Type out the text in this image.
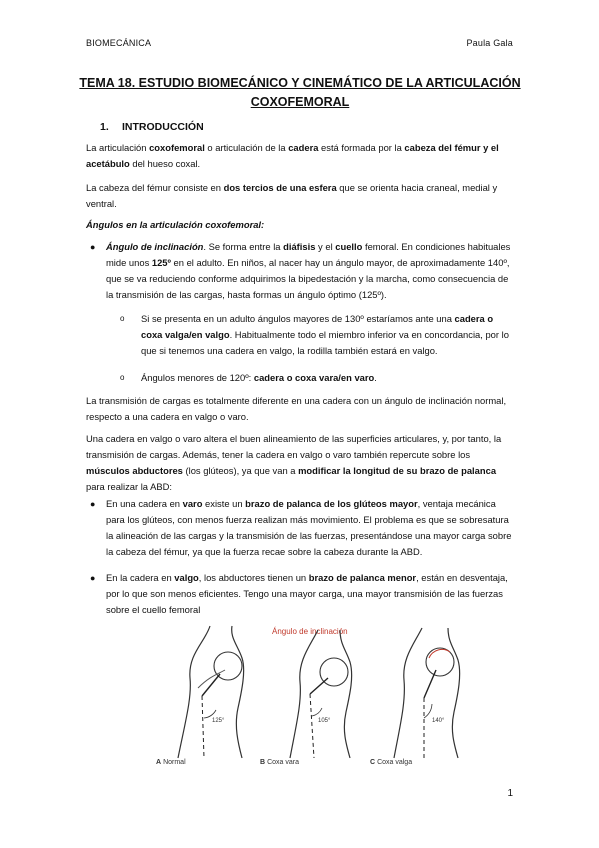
BIOMECÁNICA	Paula Gala
TEMA 18. ESTUDIO BIOMECÁNICO Y CINEMÁTICO DE LA ARTICULACIÓN COXOFEMORAL
1. INTRODUCCIÓN
La articulación coxofemoral o articulación de la cadera está formada por la cabeza del fémur y el acetábulo del hueso coxal.
La cabeza del fémur consiste en dos tercios de una esfera que se orienta hacia craneal, medial y ventral.
Ángulos en la articulación coxofemoral:
● Ángulo de inclinación. Se forma entre la diáfisis y el cuello femoral. En condiciones habituales mide unos 125º en el adulto. En niños, al nacer hay un ángulo mayor, de aproximadamente 140º, que se va reduciendo conforme adquirimos la bipedestación y la marcha, como consecuencia de la transmisión de las cargas, hasta formas un ángulo óptimo (125º).
o Si se presenta en un adulto ángulos mayores de 130º estaríamos ante una cadera o coxa valga/en valgo. Habitualmente todo el miembro inferior va en concordancia, por lo que si tenemos una cadera en valgo, la rodilla también estará en valgo.
o Ángulos menores de 120º: cadera o coxa vara/en varo.
La transmisión de cargas es totalmente diferente en una cadera con un ángulo de inclinación normal, respecto a una cadera en valgo o varo.
Una cadera en valgo o varo altera el buen alineamiento de las superficies articulares, y, por tanto, la transmisión de cargas. Además, tener la cadera en valgo o varo también repercute sobre los músculos abductores (los glúteos), ya que van a modificar la longitud de su brazo de palanca para realizar la ABD:
● En una cadera en varo existe un brazo de palanca de los glúteos mayor, ventaja mecánica para los glúteos, con menos fuerza realizan más movimiento. El problema es que se sobresatura la alineación de las cargas y la transmisión de las fuerzas, presentándose una mayor carga sobre la cabeza del fémur, ya que la fuerza recae sobre la cabeza durante la ABD.
● En la cadera en valgo, los abductores tienen un brazo de palanca menor, están en desventaja, por lo que son menos eficientes. Tengo una mayor carga, una mayor transmisión de las fuerzas sobre el cuello femoral
Ángulo de inclinación
125°	105°	140°
A Normal	B Coxa vara	C Coxa valga
1
